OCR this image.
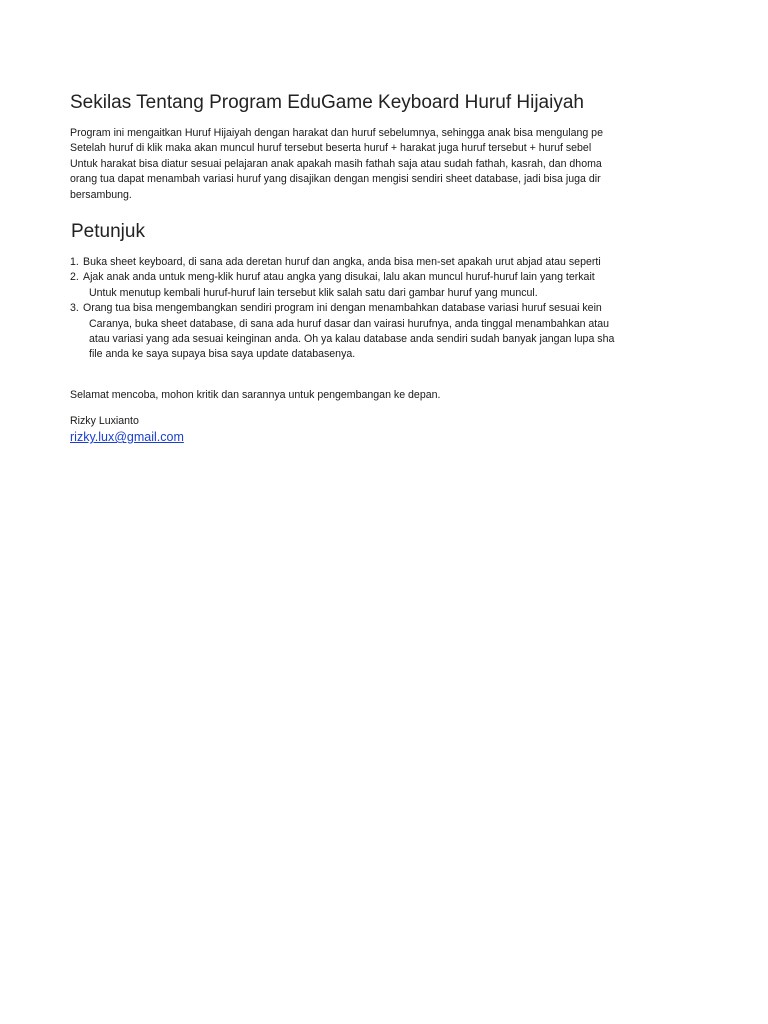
Sekilas Tentang Program EduGame Keyboard Huruf Hijaiyah
Program ini mengaitkan Huruf Hijaiyah dengan harakat dan huruf sebelumnya, sehingga anak bisa mengulang pe
Setelah huruf di klik maka akan muncul huruf tersebut beserta huruf + harakat juga huruf tersebut + huruf sebel
Untuk harakat bisa diatur sesuai pelajaran anak apakah masih fathah saja atau sudah fathah, kasrah, dan dhoma
orang tua dapat menambah variasi huruf yang disajikan dengan mengisi sendiri sheet database, jadi bisa juga dir
bersambung.
Petunjuk
1. Buka sheet keyboard, di sana ada deretan huruf dan angka, anda bisa men-set apakah urut abjad atau seperti
2. Ajak anak anda untuk meng-klik huruf atau angka yang disukai, lalu akan muncul huruf-huruf lain yang terkait
Untuk menutup kembali huruf-huruf lain tersebut klik salah satu dari gambar huruf yang muncul.
3. Orang tua bisa mengembangkan sendiri program ini dengan menambahkan database variasi huruf sesuai kein
Caranya, buka sheet database, di sana ada huruf dasar dan vairasi hurufnya, anda tinggal menambahkan atau
atau variasi yang ada sesuai keinginan anda. Oh ya kalau database anda sendiri sudah banyak jangan lupa sha
file anda ke saya supaya bisa saya update databasenya.
Selamat mencoba, mohon kritik dan sarannya untuk pengembangan ke depan.
Rizky Luxianto
rizky.lux@gmail.com
